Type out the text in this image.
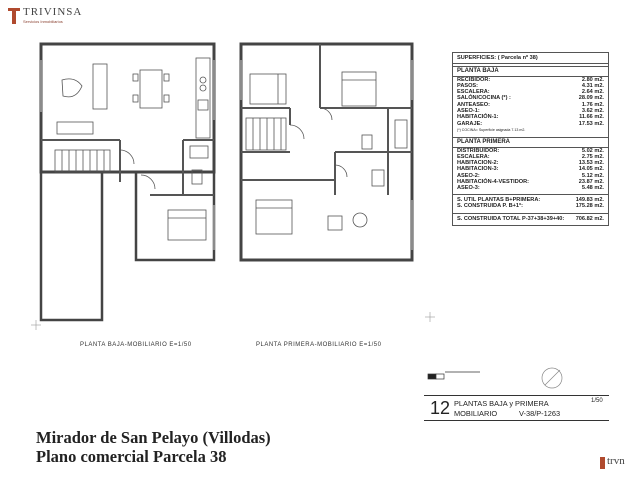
TRIVINSA
Servicios Inmobiliarios
SUPERFICIES: ( Parcela nº 38)
PLANTA BAJA
RECIBIDOR:	2.80 m2.
PASOS:	4.31 m2.
ESCALERA:	2.64 m2.
SALÓN/COCINA (*) :	28.09 m2.
ANTEASEO:	1.76 m2.
ASEO-1:	3.62 m2.
HABITACIÓN-1:	11.66 m2.
GARAJE:	17.53 m2.
(*) COCINA= Superficie asignada 7.13 m2.
PLANTA PRIMERA
DISTRIBUIDOR:	5.02 m2.
ESCALERA:	2.75 m2.
HABITACION-2:	13.53 m2.
HABITACION-3:	14.05 m2.
ASEO-2:	5.12 m2.
HABITACIÓN-4-VESTIDOR:	23.87 m2.
ASEO-3:	5.48 m2.
S. UTIL PLANTAS B+PRIMERA:	149.83 m2.
S. CONSTRUIDA P. B+1ª:	175.28 m2.
S. CONSTRUIDA TOTAL P-37+38+39+40: 706.82 m2.
PLANTA BAJA-MOBILIARIO E=1/50	PLANTA PRIMERA-MOBILIARIO E=1/50
12 PLANTAS BAJA y PRIMERA
MOBILIARIO	V-38/P-1263
1/50
Mirador de San Pelayo (Villodas)
Plano comercial Parcela 38	trvn
